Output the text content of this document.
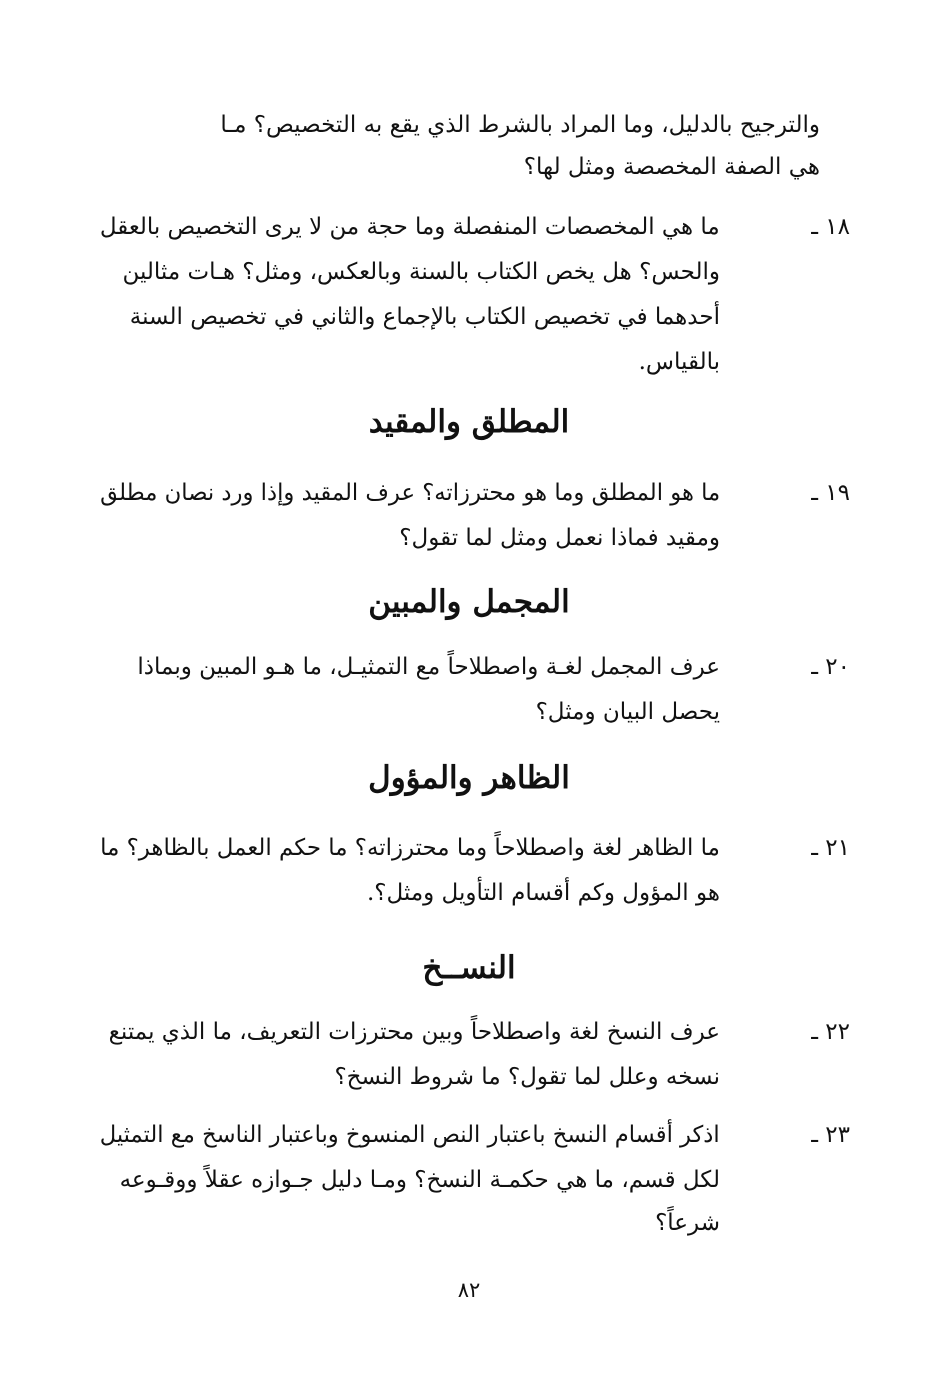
والترجيح بالدليل، وما المراد بالشرط الذي يقع به التخصيص؟ مـا
هي الصفة المخصصة ومثل لها؟
١٨ ـ
ما هي المخصصات المنفصلة وما حجة من لا يرى التخصيص بالعقل
والحس؟ هل يخص الكتاب بالسنة وبالعكس، ومثل؟ هـات مثالين
أحدهما في تخصيص الكتاب بالإجماع والثاني في تخصيص السنة
بالقياس.
المطلق والمقيد
١٩ ـ
ما هو المطلق وما هو محترزاته؟ عرف المقيد وإذا ورد نصان مطلق
ومقيد فماذا نعمل ومثل لما تقول؟
المجمل والمبين
٢٠ ـ
عرف المجمل لغـة واصطلاحاً مع التمثيـل، ما هـو المبين وبماذا
يحصل البيان ومثل؟
الظاهر والمؤول
٢١ ـ
ما الظاهر لغة واصطلاحاً وما محترزاته؟ ما حكم العمل بالظاهر؟ ما
هو المؤول وكم أقسام التأويل ومثل؟.
النســخ
٢٢ ـ
عرف النسخ لغة واصطلاحاً وبين محترزات التعريف، ما الذي يمتنع
نسخه وعلل لما تقول؟ ما شروط النسخ؟
٢٣ ـ
اذكر أقسام النسخ باعتبار النص المنسوخ وباعتبار الناسخ مع التمثيل
لكل قسم، ما هي حكمـة النسخ؟ ومـا دليل جـوازه عقلاً ووقـوعه
شرعاً؟
٨٢
